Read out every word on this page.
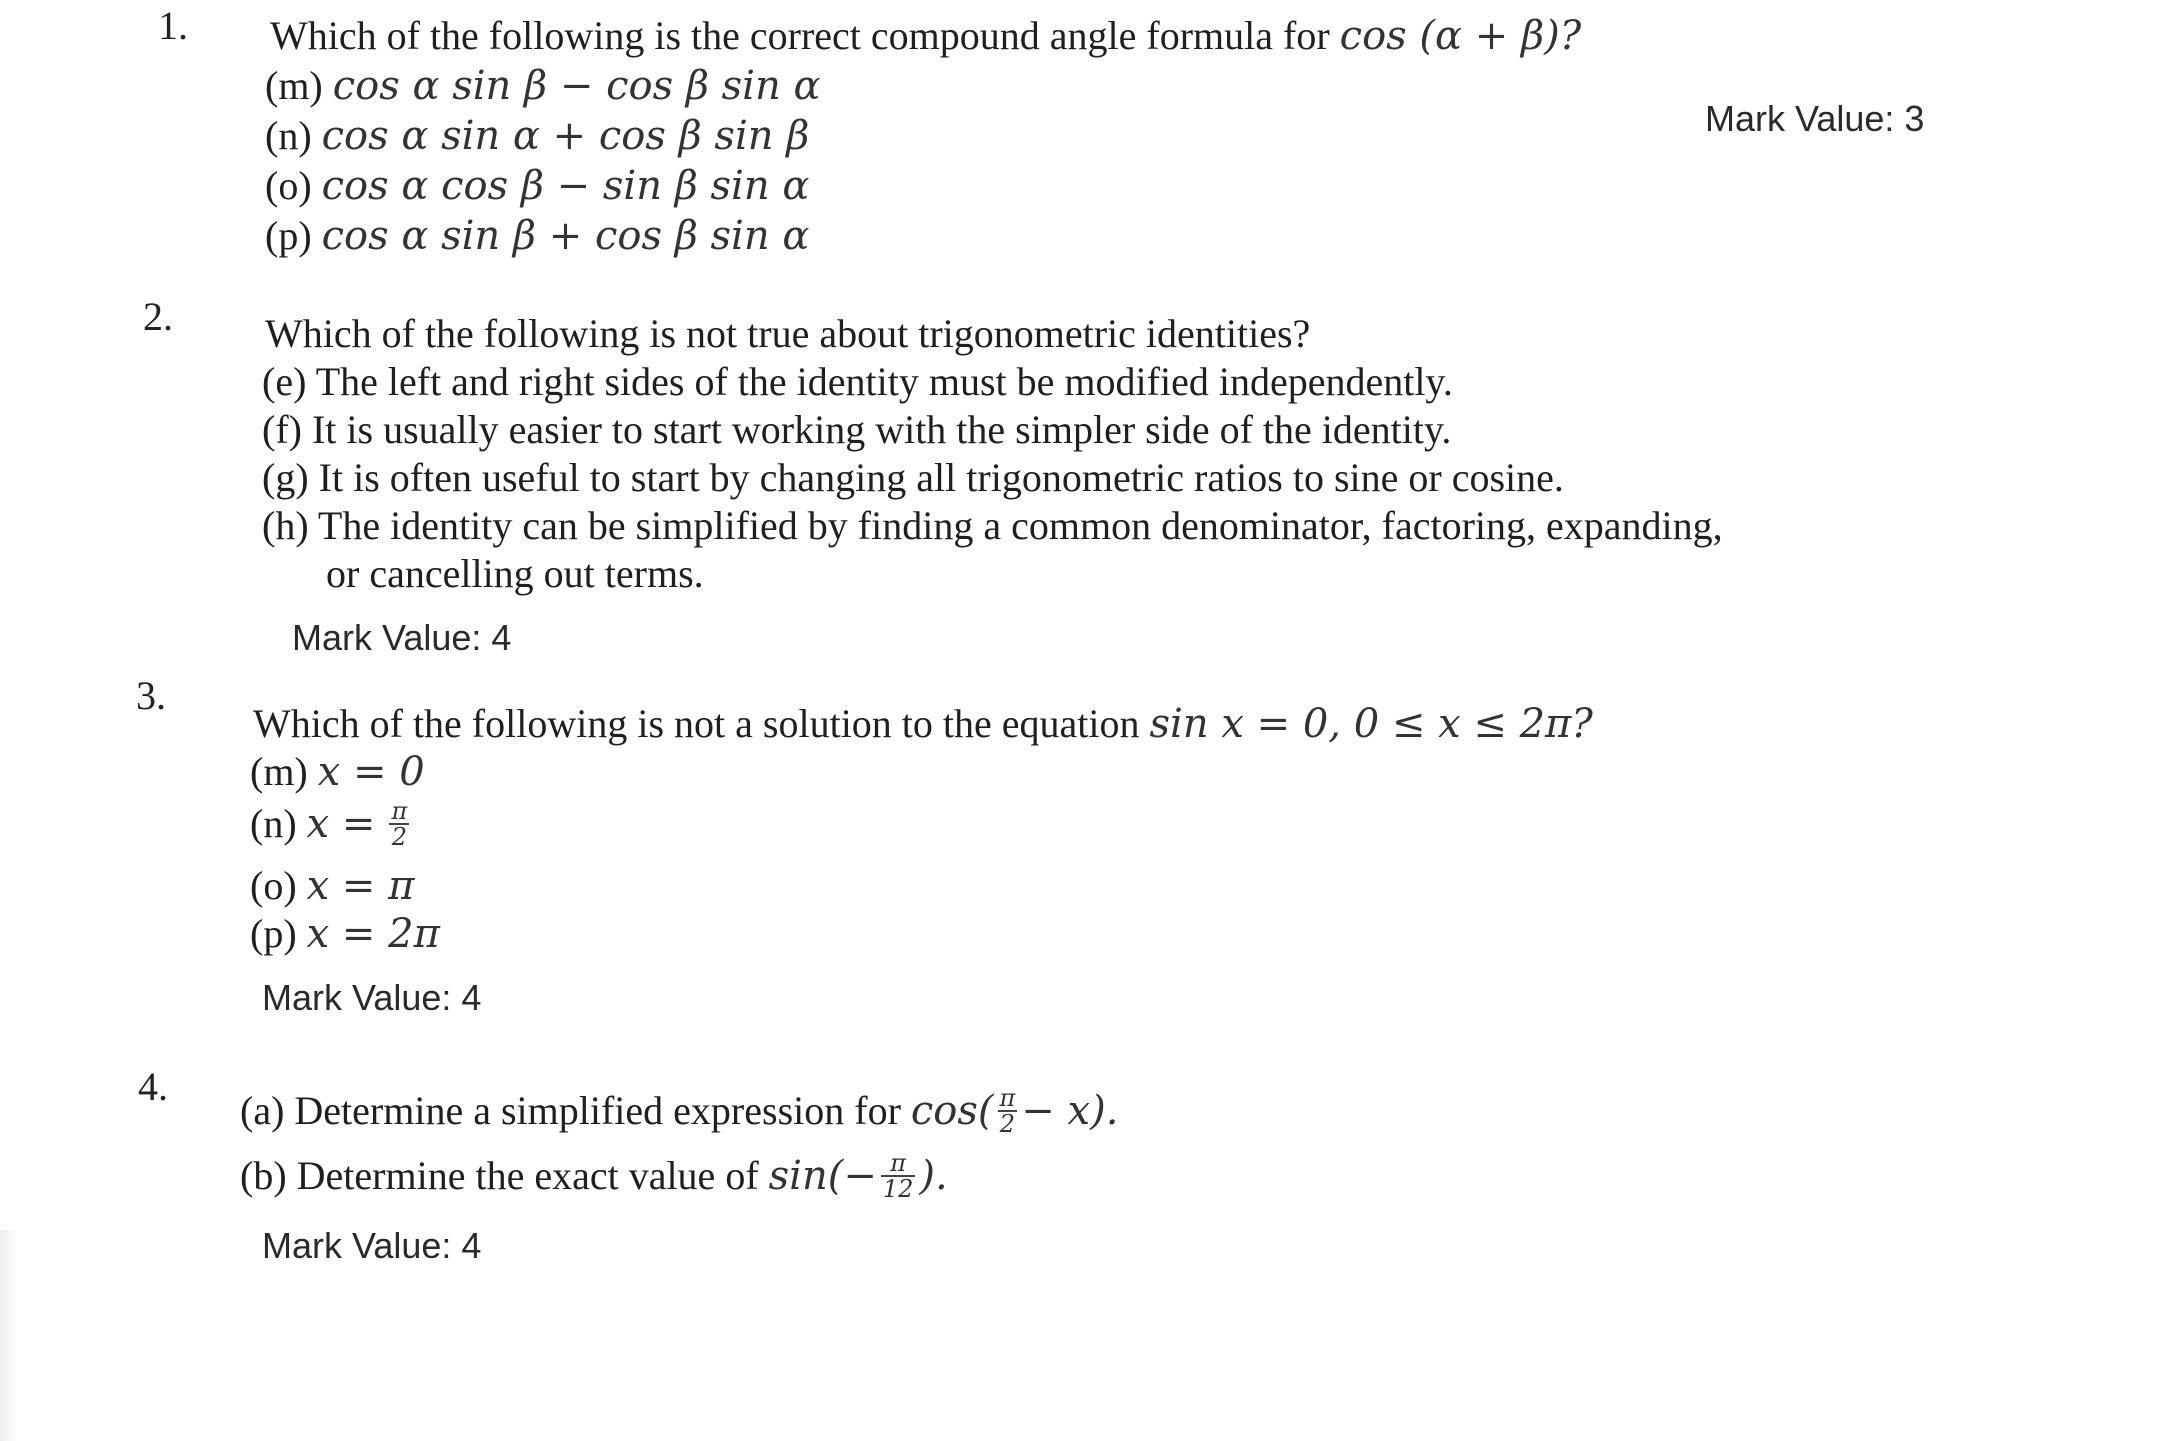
1. Which of the following is the correct compound angle formula for cos (α + β)?
(m) cos α sin β − cos β sin α
(n) cos α sin α + cos β sin β
(o) cos α cos β − sin β sin α
(p) cos α sin β + cos β sin α
Mark Value: 3
2. Which of the following is not true about trigonometric identities?
(e) The left and right sides of the identity must be modified independently.
(f) It is usually easier to start working with the simpler side of the identity.
(g) It is often useful to start by changing all trigonometric ratios to sine or cosine.
(h) The identity can be simplified by finding a common denominator, factoring, expanding,
or cancelling out terms.
Mark Value: 4
3.
Which of the following is not a solution to the equation sin x = 0, 0 ≤ x ≤ 2π?
(m) x = 0
(n) $x = \frac{\pi}{2}$
(o) x = π
(p) x = 2π
Mark Value: 4
4.
(a) Determine a simplified expression for $\cos( \frac{\pi}{2} - x)$.
(b) Determine the exact value of $\sin(- \frac{\pi}{12}$ ).
Mark Value: 4
